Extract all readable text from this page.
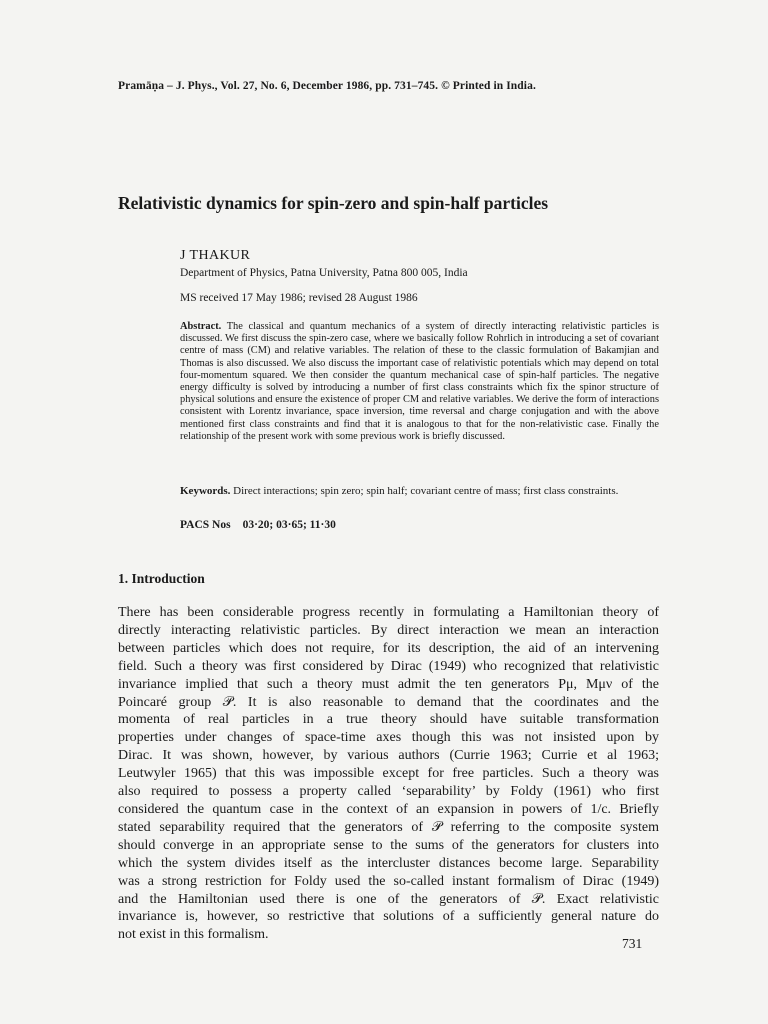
Pramāṇa – J. Phys., Vol. 27, No. 6, December 1986, pp. 731–745. © Printed in India.
Relativistic dynamics for spin-zero and spin-half particles
J THAKUR
Department of Physics, Patna University, Patna 800 005, India
MS received 17 May 1986; revised 28 August 1986

Abstract. The classical and quantum mechanics of a system of directly interacting relativistic particles is discussed. We first discuss the spin-zero case, where we basically follow Rohrlich in introducing a set of covariant centre of mass (CM) and relative variables. The relation of these to the classic formulation of Bakamjian and Thomas is also discussed. We also discuss the important case of relativistic potentials which may depend on total four-momentum squared. We then consider the quantum mechanical case of spin-half particles. The negative energy difficulty is solved by introducing a number of first class constraints which fix the spinor structure of physical solutions and ensure the existence of proper CM and relative variables. We derive the form of interactions consistent with Lorentz invariance, space inversion, time reversal and charge conjugation and with the above mentioned first class constraints and find that it is analogous to that for the non-relativistic case. Finally the relationship of the present work with some previous work is briefly discussed.

Keywords. Direct interactions; spin zero; spin half; covariant centre of mass; first class constraints.

PACS Nos 03·20; 03·65; 11·30
1. Introduction
There has been considerable progress recently in formulating a Hamiltonian theory of
directly interacting relativistic particles. By direct interaction we mean an interaction
between particles which does not require, for its description, the aid of an intervening
field. Such a theory was first considered by Dirac (1949) who recognized that relativistic
invariance implied that such a theory must admit the ten generators Pμ, Mμν of the
Poincaré group 𝒫. It is also reasonable to demand that the coordinates and the
momenta of real particles in a true theory should have suitable transformation
properties under changes of space-time axes though this was not insisted upon by
Dirac. It was shown, however, by various authors (Currie 1963; Currie et al 1963;
Leutwyler 1965) that this was impossible except for free particles. Such a theory was
also required to possess a property called ‘separability’ by Foldy (1961) who first
considered the quantum case in the context of an expansion in powers of 1/c. Briefly
stated separability required that the generators of 𝒫 referring to the composite system
should converge in an appropriate sense to the sums of the generators for clusters into
which the system divides itself as the intercluster distances become large. Separability
was a strong restriction for Foldy used the so-called instant formalism of Dirac (1949)
and the Hamiltonian used there is one of the generators of 𝒫. Exact relativistic
invariance is, however, so restrictive that solutions of a sufficiently general nature do
not exist in this formalism.
731
